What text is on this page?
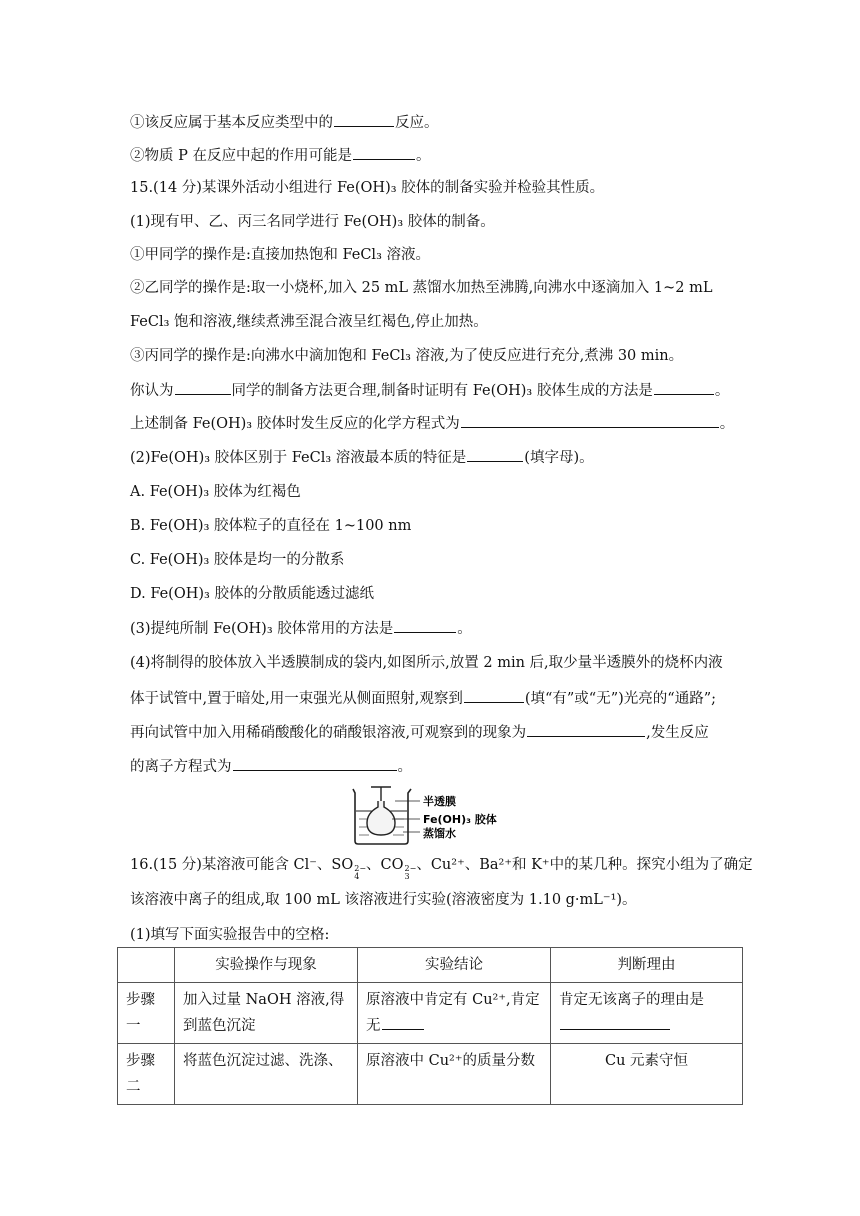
①该反应属于基本反应类型中的	反应。
②物质 P 在反应中起的作用可能是	。
15.(14 分)某课外活动小组进行 Fe(OH)₃ 胶体的制备实验并检验其性质。
(1)现有甲、乙、丙三名同学进行 Fe(OH)₃ 胶体的制备。
①甲同学的操作是:直接加热饱和 FeCl₃ 溶液。
②乙同学的操作是:取一小烧杯,加入 25 mL 蒸馏水加热至沸腾,向沸水中逐滴加入 1~2 mL
FeCl₃ 饱和溶液,继续煮沸至混合液呈红褐色,停止加热。
③丙同学的操作是:向沸水中滴加饱和 FeCl₃ 溶液,为了使反应进行充分,煮沸 30 min。
你认为	同学的制备方法更合理,制备时证明有 Fe(OH)₃ 胶体生成的方法是	。
上述制备 Fe(OH)₃ 胶体时发生反应的化学方程式为	。
(2)Fe(OH)₃ 胶体区别于 FeCl₃ 溶液最本质的特征是	(填字母)。
A. Fe(OH)₃ 胶体为红褐色
B. Fe(OH)₃ 胶体粒子的直径在 1~100 nm
C. Fe(OH)₃ 胶体是均一的分散系
D. Fe(OH)₃ 胶体的分散质能透过滤纸
(3)提纯所制 Fe(OH)₃ 胶体常用的方法是	。
(4)将制得的胶体放入半透膜制成的袋内,如图所示,放置 2 min 后,取少量半透膜外的烧杯内液
体于试管中,置于暗处,用一束强光从侧面照射,观察到	(填“有”或“无”)光亮的“通路”;
再向试管中加入用稀硝酸酸化的硝酸银溶液,可观察到的现象为	,发生反应
的离子方程式为	。
半透膜
Fe(OH)₃ 胶体
蒸馏水
16.(15 分)某溶液可能含 Cl⁻、SO 2−
4
、CO 2−
3
、Cu²⁺、Ba²⁺和 K⁺中的某几种。探究小组为了确定
该溶液中离子的组成,取 100 mL 该溶液进行实验(溶液密度为 1.10 g·mL⁻¹)。
(1)填写下面实验报告中的空格:
	实验操作与现象	实验结论	判断理由
步骤一	加入过量 NaOH 溶液,得到蓝色沉淀	原溶液中肯定有 Cu²⁺,肯定无	肯定无该离子的理由是
步骤二	将蓝色沉淀过滤、洗涤、	原溶液中 Cu²⁺的质量分数	Cu 元素守恒
